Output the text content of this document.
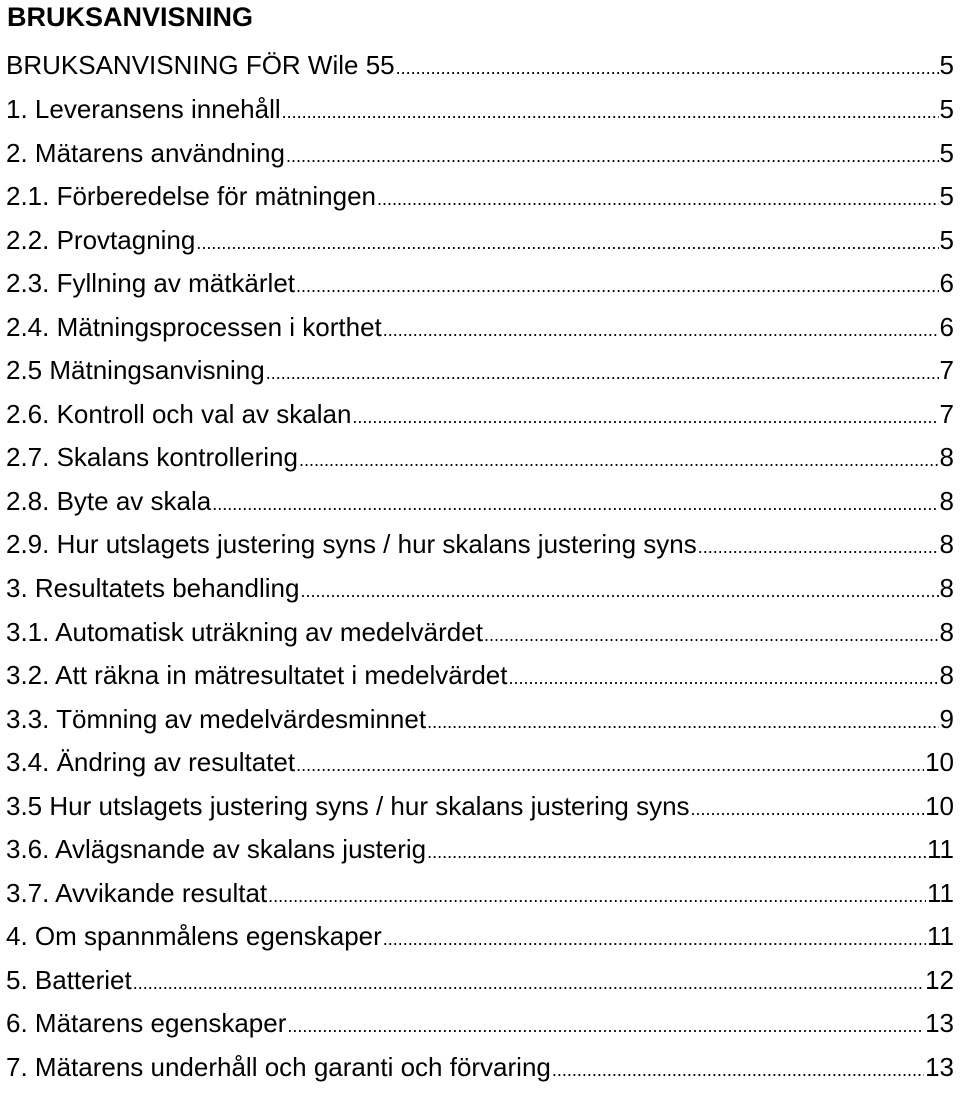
BRUKSANVISNING
BRUKSANVISNING FÖR Wile 55 .....	5
1. Leveransens innehåll .....	5
2. Mätarens användning .....	5
2.1. Förberedelse för mätningen .....	5
2.2. Provtagning .....	5
2.3. Fyllning av mätkärlet .....	6
2.4. Mätningsprocessen i korthet .....	6
2.5 Mätningsanvisning .....	7
2.6. Kontroll och val av skalan .....	7
2.7. Skalans kontrollering .....	8
2.8. Byte av skala .....	8
2.9. Hur utslagets justering syns / hur skalans justering syns .....	8
3. Resultatets behandling .....	8
3.1. Automatisk uträkning av medelvärdet .....	8
3.2. Att räkna in mätresultatet i medelvärdet .....	8
3.3. Tömning av medelvärdesminnet .....	9
3.4. Ändring av resultatet .....	10
3.5 Hur utslagets justering syns / hur skalans justering syns .....	10
3.6. Avlägsnande av skalans justerig .....	11
3.7. Avvikande resultat .....	11
4. Om spannmålens egenskaper .....	11
5. Batteriet .....	12
6. Mätarens egenskaper .....	13
7. Mätarens underhåll och garanti och förvaring .....	13
